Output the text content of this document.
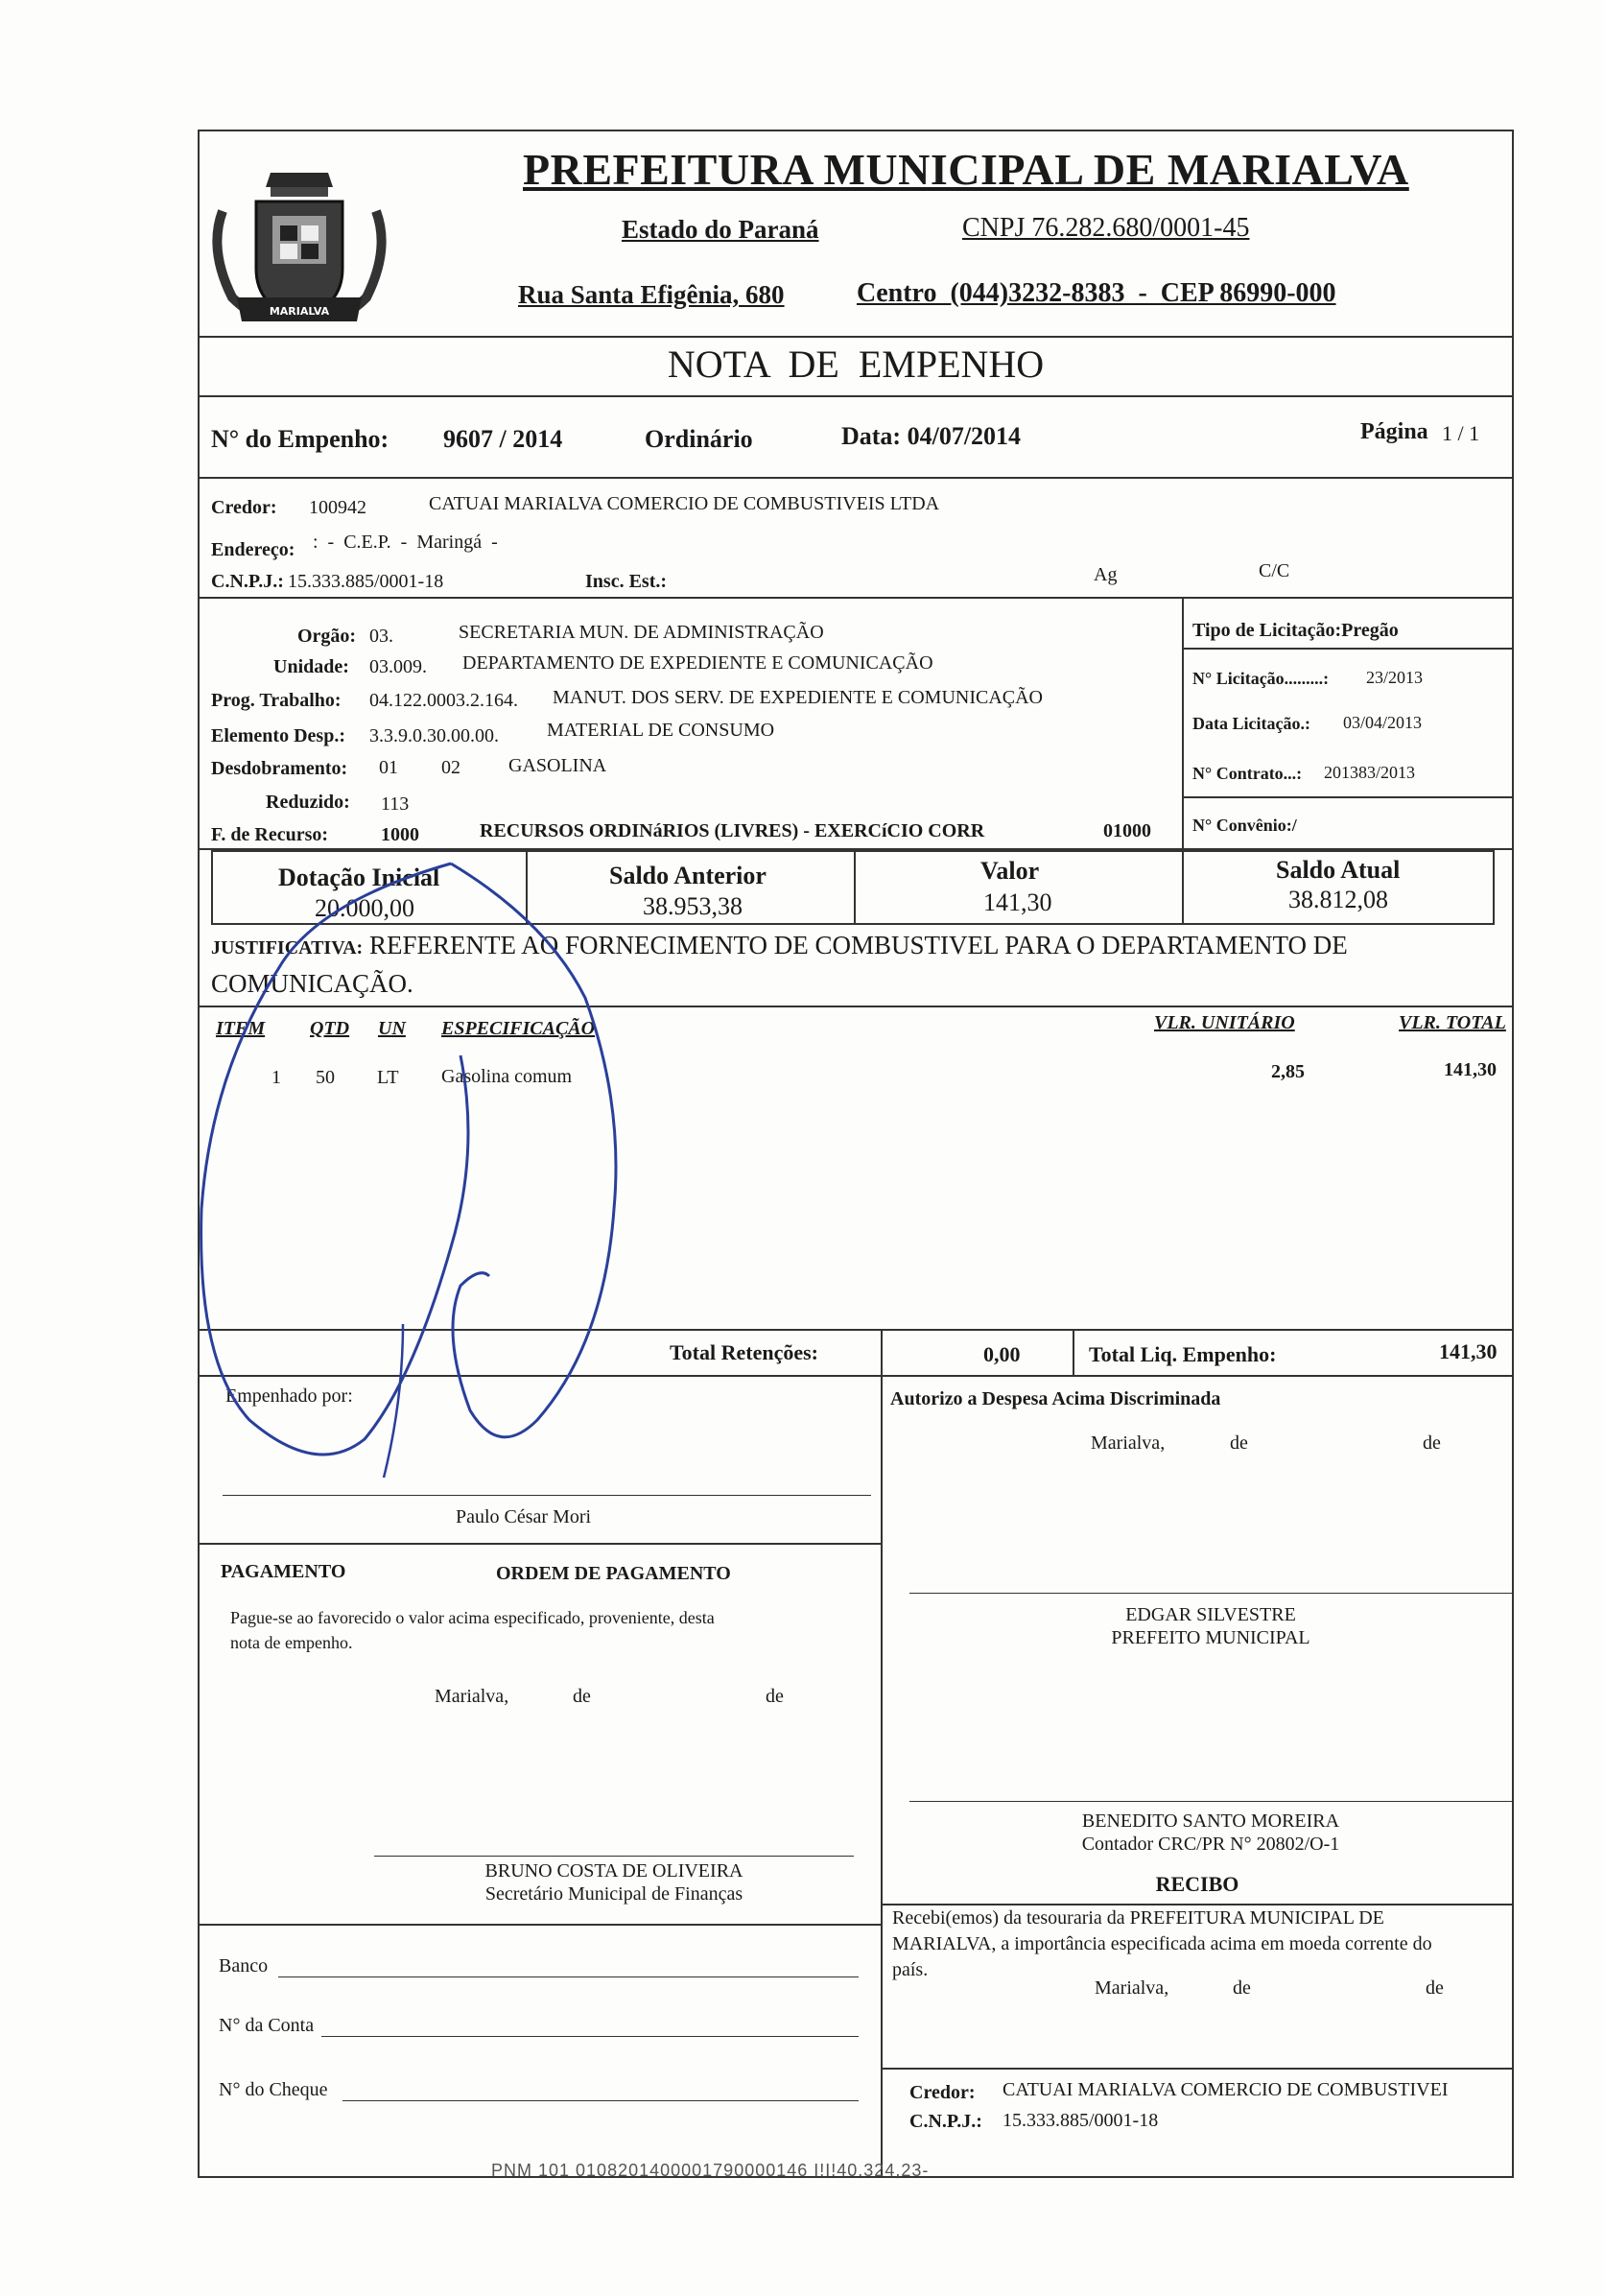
MARIALVA
PREFEITURA MUNICIPAL DE MARIALVA
Estado do Paraná	CNPJ 76.282.680/0001-45
Rua Santa Efigênia, 680	Centro  (044)3232-8383  -  CEP 86990-000
NOTA  DE  EMPENHO
N° do Empenho: 9607 / 2014	Ordinário	Data: 04/07/2014	Página 1 / 1
Credor: 100942	CATUAI MARIALVA COMERCIO DE COMBUSTIVEIS LTDA
Endereço: :  -  C.E.P.  -  Maringá  -
C.N.P.J.: 15.333.885/0001-18	Insc. Est.:	Ag	C/C
Orgão: 03.	SECRETARIA MUN. DE ADMINISTRAÇÃO
Unidade: 03.009. DEPARTAMENTO DE EXPEDIENTE E COMUNICAÇÃO
Prog. Trabalho: 04.122.0003.2.164. MANUT. DOS SERV. DE EXPEDIENTE E COMUNICAÇÃO
Elemento Desp.: 3.3.9.0.30.00.00.	MATERIAL DE CONSUMO
Desdobramento: 01 02	GASOLINA
Reduzido: 113
F. de Recurso:	1000	RECURSOS ORDINáRIOS (LIVRES) - EXERCíCIO CORR	01000
Tipo de Licitação:Pregão
N° Licitação.........: 23/2013
Data Licitação.: 03/04/2013
N° Contrato...: 201383/2013
N° Convênio:/
Dotação Inicial
20.000,00
Saldo Anterior
38.953,38
Valor
141,30
Saldo Atual
38.812,08
JUSTIFICATIVA: REFERENTE AO FORNECIMENTO DE COMBUSTIVEL PARA O DEPARTAMENTO DE
COMUNICAÇÃO.
ITEM QTD UN ESPECIFICAÇÃO	VLR. UNITÁRIO	VLR. TOTAL
1 50 LT Gasolina comum	2,85	141,30
Total Retenções:	0,00	Total Liq. Empenho:	141,30
Empenhado por:
Paulo César Mori
Autorizo a Despesa Acima Discriminada
Marialva,	de	de
PAGAMENTO	ORDEM DE PAGAMENTO
Pague-se ao favorecido o valor acima especificado, proveniente, desta
nota de empenho.
Marialva,	de	de
EDGAR SILVESTRE
PREFEITO MUNICIPAL
BENEDITO SANTO MOREIRA
Contador CRC/PR N° 20802/O-1
BRUNO COSTA DE OLIVEIRA
Secretário Municipal de Finanças	RECIBO
Recebi(emos) da tesouraria da PREFEITURA MUNICIPAL DE
MARIALVA, a importância especificada acima em moeda corrente do
país.
Marialva,	de	de
Banco
N° da Conta
N° do Cheque	Credor: CATUAI MARIALVA COMERCIO DE COMBUSTIVEI
C.N.P.J.: 15.333.885/0001-18
PNM 101 0108201400001790000146 I!I!40.324,23-
